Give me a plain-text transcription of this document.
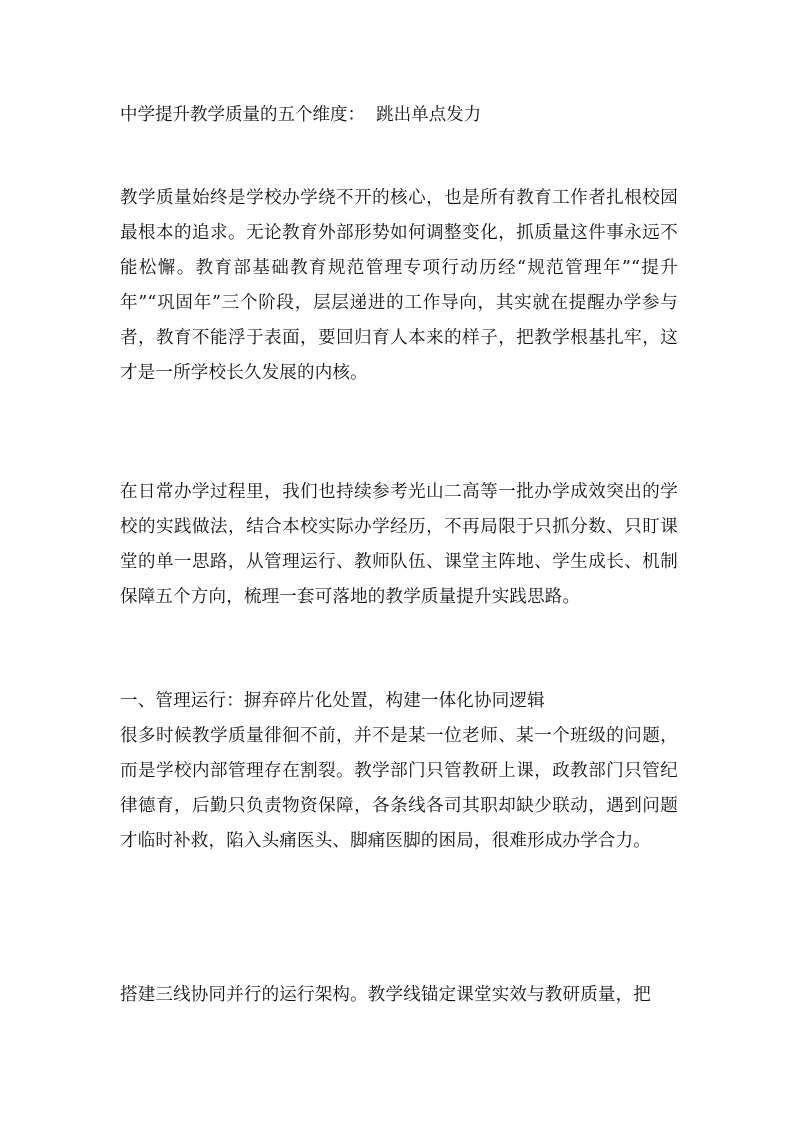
中学提升教学质量的五个维度：  跳出单点发力

教学质量始终是学校办学绕不开的核心，也是所有教育工作者扎根校园最根本的追求。无论教育外部形势如何调整变化，抓质量这件事永远不能松懈。教育部基础教育规范管理专项行动历经“规范管理年”“提升年”“巩固年”三个阶段，层层递进的工作导向，其实就在提醒办学参与者，教育不能浮于表面，要回归育人本来的样子，把教学根基扎牢，这才是一所学校长久发展的内核。

在日常办学过程里，我们也持续参考光山二高等一批办学成效突出的学校的实践做法，结合本校实际办学经历，不再局限于只抓分数、只盯课堂的单一思路，从管理运行、教师队伍、课堂主阵地、学生成长、机制保障五个方向，梳理一套可落地的教学质量提升实践思路。

一、管理运行：摒弃碎片化处置，构建一体化协同逻辑

很多时候教学质量徘徊不前，并不是某一位老师、某一个班级的问题，而是学校内部管理存在割裂。教学部门只管教研上课，政教部门只管纪律德育，后勤只负责物资保障，各条线各司其职却缺少联动，遇到问题才临时补救，陷入头痛医头、脚痛医脚的困局，很难形成办学合力。

搭建三线协同并行的运行架构。教学线锚定课堂实效与教研质量，把
